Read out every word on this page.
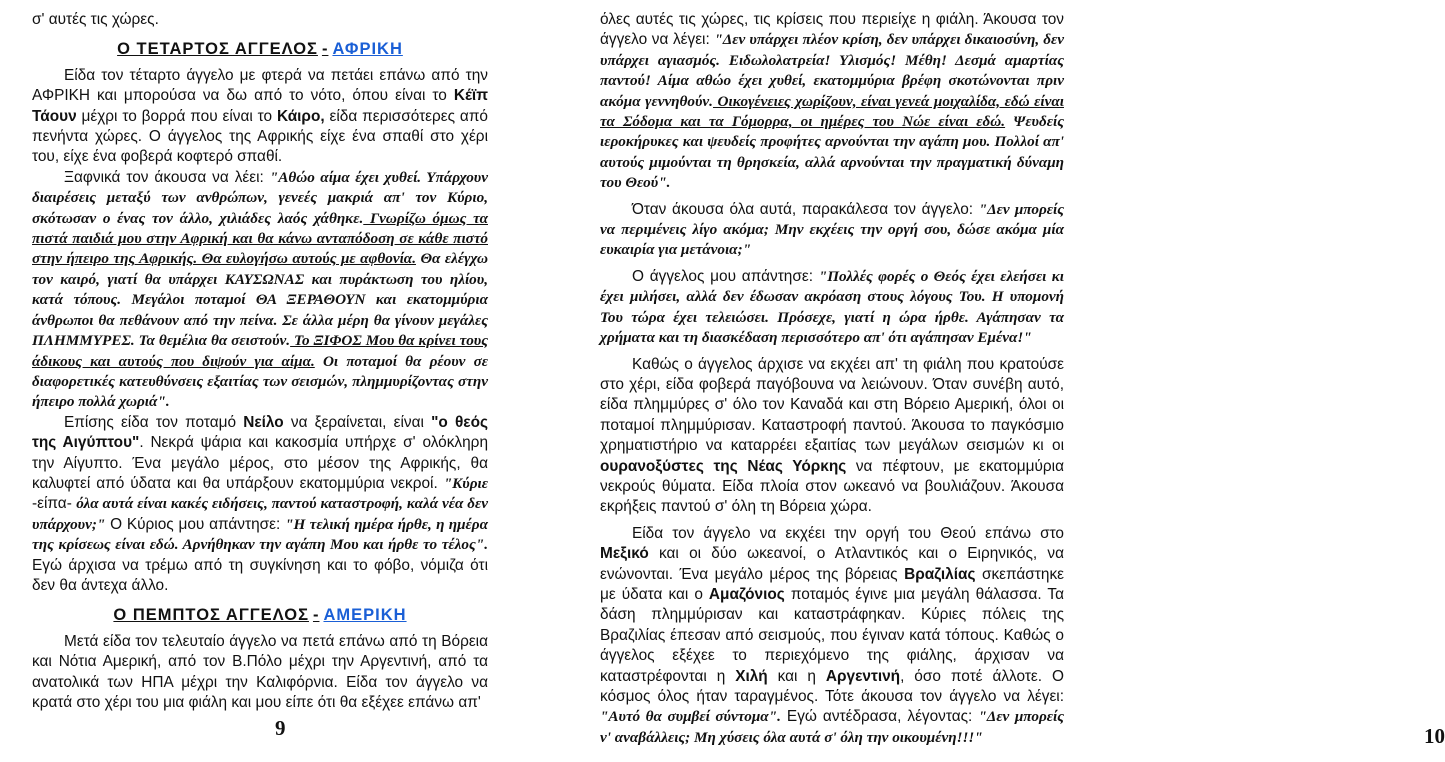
σ' αυτές τις χώρες.

Ο ΤΕΤΑΡΤΟΣ ΑΓΓΕΛΟΣ - ΑΦΡΙΚΗ

Είδα τον τέταρτο άγγελο με φτερά να πετάει επάνω από την ΑΦΡΙΚΗ και μπορούσα να δω από το νότο, όπου είναι το Κέϊπ Τάουν μέχρι το βορρά που είναι το Κάιρο, είδα περισσότερες από πενήντα χώρες. Ο άγγελος της Αφρικής είχε ένα σπαθί στο χέρι του, είχε ένα φοβερά κοφτερό σπαθί.

Ξαφνικά τον άκουσα να λέει: "Αθώο αίμα έχει χυθεί. Υπάρχουν διαιρέσεις μεταξύ των ανθρώπων, γενεές μακριά απ' τον Κύριο, σκότωσαν ο ένας τον άλλο, χιλιάδες λαός χάθηκε. Γνωρίζω όμως τα πιστά παιδιά μου στην Αφρική και θα κάνω ανταπόδοση σε κάθε πιστό στην ήπειρο της Αφρικής. Θα ευλογήσω αυτούς με αφθονία. Θα ελέγχω τον καιρό, γιατί θα υπάρχει ΚΑΥΣΩΝΑΣ και πυράκτωση του ηλίου, κατά τόπους. Μεγάλοι ποταμοί ΘΑ ΞΕΡΑΘΟΥΝ και εκατομμύρια άνθρωποι θα πεθάνουν από την πείνα. Σε άλλα μέρη θα γίνουν μεγάλες ΠΛΗΜΜΥΡΕΣ. Τα θεμέλια θα σειστούν. Το ΞΙΦΟΣ Μου θα κρίνει τους άδικους και αυτούς που διψούν για αίμα. Οι ποταμοί θα ρέουν σε διαφορετικές κατευθύνσεις εξαιτίας των σεισμών, πλημμυρίζοντας στην ήπειρο πολλά χωριά".

Επίσης είδα τον ποταμό Νείλο να ξεραίνεται, είναι "ο θεός της Αιγύπτου". Νεκρά ψάρια και κακοσμία υπήρχε σ' ολόκληρη την Αίγυπτο. Ένα μεγάλο μέρος, στο μέσον της Αφρικής, θα καλυφτεί από ύδατα και θα υπάρξουν εκατομμύρια νεκροί. "Κύριε -είπα- όλα αυτά είναι κακές ειδήσεις, παντού καταστροφή, καλά νέα δεν υπάρχουν;" Ο Κύριος μου απάντησε: "Η τελική ημέρα ήρθε, η ημέρα της κρίσεως είναι εδώ. Αρνήθηκαν την αγάπη Μου και ήρθε το τέλος". Εγώ άρχισα να τρέμω από τη συγκίνηση και το φόβο, νόμιζα ότι δεν θα άντεχα άλλο.

Ο ΠΕΜΠΤΟΣ ΑΓΓΕΛΟΣ - ΑΜΕΡΙΚΗ

Μετά είδα τον τελευταίο άγγελο να πετά επάνω από τη Βόρεια και Νότια Αμερική, από τον Β.Πόλο μέχρι την Αργεντινή, από τα ανατολικά των ΗΠΑ μέχρι την Καλιφόρνια. Είδα τον άγγελο να κρατά στο χέρι του μια φιάλη και μου είπε ότι θα εξέχεε επάνω απ'

9

όλες αυτές τις χώρες, τις κρίσεις που περιείχε η φιάλη. Άκουσα τον άγγελο να λέγει: "Δεν υπάρχει πλέον κρίση, δεν υπάρχει δικαιοσύνη, δεν υπάρχει αγιασμός. Ειδωλολατρεία! Υλισμός! Μέθη! Δεσμά αμαρτίας παντού! Αίμα αθώο έχει χυθεί, εκατομμύρια βρέφη σκοτώνονται πριν ακόμα γεννηθούν. Οικογένειες χωρίζουν, είναι γενεά μοιχαλίδα, εδώ είναι τα Σόδομα και τα Γόμορρα, οι ημέρες του Νώε είναι εδώ. Ψευδείς ιεροκήρυκες και ψευδείς προφήτες αρνούνται την αγάπη μου. Πολλοί απ' αυτούς μιμούνται τη θρησκεία, αλλά αρνούνται την πραγματική δύναμη του Θεού".

Όταν άκουσα όλα αυτά, παρακάλεσα τον άγγελο: "Δεν μπορείς να περιμένεις λίγο ακόμα; Μην εκχέεις την οργή σου, δώσε ακόμα μία ευκαιρία για μετάνοια;"

Ο άγγελος μου απάντησε: "Πολλές φορές ο Θεός έχει ελεήσει κι έχει μιλήσει, αλλά δεν έδωσαν ακρόαση στους λόγους Του. Η υπομονή Του τώρα έχει τελειώσει. Πρόσεχε, γιατί η ώρα ήρθε. Αγάπησαν τα χρήματα και τη διασκέδαση περισσότερο απ' ότι αγάπησαν Εμένα!"

Καθώς ο άγγελος άρχισε να εκχέει απ' τη φιάλη που κρατούσε στο χέρι, είδα φοβερά παγόβουνα να λειώνουν. Όταν συνέβη αυτό, είδα πλημμύρες σ' όλο τον Καναδά και στη Βόρειο Αμερική, όλοι οι ποταμοί πλημμύρισαν. Καταστροφή παντού. Άκουσα το παγκόσμιο χρηματιστήριο να καταρρέει εξαιτίας των μεγάλων σεισμών κι οι ουρανοξύστες της Νέας Υόρκης να πέφτουν, με εκατομμύρια νεκρούς θύματα. Είδα πλοία στον ωκεανό να βουλιάζουν. Άκουσα εκρήξεις παντού σ' όλη τη Βόρεια χώρα.

Είδα τον άγγελο να εκχέει την οργή του Θεού επάνω στο Μεξικό και οι δύο ωκεανοί, ο Ατλαντικός και ο Ειρηνικός, να ενώνονται. Ένα μεγάλο μέρος της βόρειας Βραζιλίας σκεπάστηκε με ύδατα και ο Αμαζόνιος ποταμός έγινε μια μεγάλη θάλασσα. Τα δάση πλημμύρισαν και καταστράφηκαν. Κύριες πόλεις της Βραζιλίας έπεσαν από σεισμούς, που έγιναν κατά τόπους. Καθώς ο άγγελος εξέχεε το περιεχόμενο της φιάλης, άρχισαν να καταστρέφονται η Χιλή και η Αργεντινή, όσο ποτέ άλλοτε. Ο κόσμος όλος ήταν ταραγμένος. Τότε άκουσα τον άγγελο να λέγει: "Αυτό θα συμβεί σύντομα". Εγώ αντέδρασα, λέγοντας: "Δεν μπορείς ν' αναβάλλεις; Μη χύσεις όλα αυτά σ' όλη την οικουμένη!!!"	10
